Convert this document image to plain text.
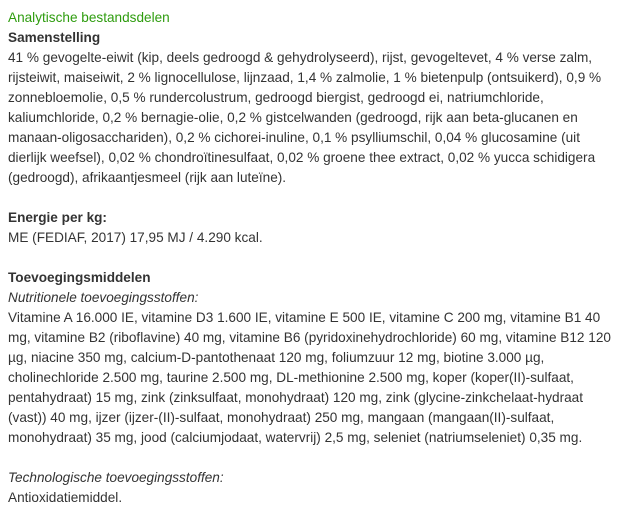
Analytische bestandsdelen

Samenstelling

41 % gevogelte-eiwit (kip, deels gedroogd & gehydrolyseerd), rijst, gevogeltevet, 4 % verse zalm, rijsteiwit, maiseiwit, 2 % lignocellulose, lijnzaad, 1,4 % zalmolie, 1 % bietenpulp (ontsuikerd), 0,9 % zonnebloemolie, 0,5 % rundercolustrum, gedroogd biergist, gedroogd ei, natriumchloride, kaliumchloride, 0,2 % bernagie-olie, 0,2 % gistcelwanden (gedroogd, rijk aan beta-glucanen en manaan-oligosacchariden), 0,2 % cichorei-inuline, 0,1 % psylliumschil, 0,04 % glucosamine (uit dierlijk weefsel), 0,02 % chondroïtinesulfaat, 0,02 % groene thee extract, 0,02 % yucca schidigera (gedroogd), afrikaantjesmeel (rijk aan luteïne).

Energie per kg:

ME (FEDIAF, 2017) 17,95 MJ / 4.290 kcal.

Toevoegingsmiddelen

Nutritionele toevoegingsstoffen:

Vitamine A 16.000 IE, vitamine D3 1.600 IE, vitamine E 500 IE, vitamine C 200 mg, vitamine B1 40 mg, vitamine B2 (riboflavine) 40 mg, vitamine B6 (pyridoxinehydrochloride) 60 mg, vitamine B12 120 µg, niacine 350 mg, calcium-D-pantothenaat 120 mg, foliumzuur 12 mg, biotine 3.000 µg, cholinechloride 2.500 mg, taurine 2.500 mg, DL-methionine 2.500 mg, koper (koper(II)-sulfaat, pentahydraat) 15 mg, zink (zinksulfaat, monohydraat) 120 mg, zink (glycine-zinkchelaat-hydraat (vast)) 40 mg, ijzer (ijzer-(II)-sulfaat, monohydraat) 250 mg, mangaan (mangaan(II)-sulfaat, monohydraat) 35 mg, jood (calciumjodaat, watervrij) 2,5 mg, seleniet (natriumseleniet) 0,35 mg.

Technologische toevoegingsstoffen:

Antioxidatiemiddel.
